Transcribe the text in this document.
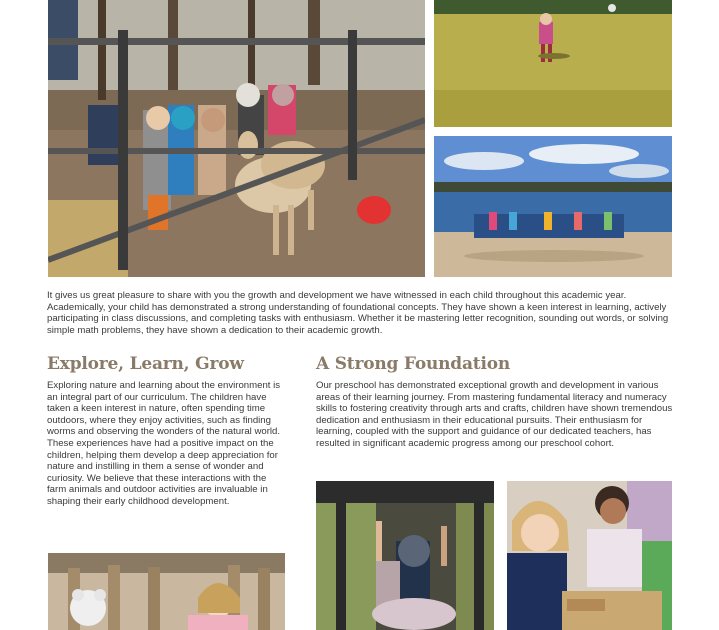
It gives us great pleasure to share with you the growth and development we have witnessed in each child throughout this academic year. Academically, your child has demonstrated a strong understanding of foundational concepts. They have shown a keen interest in learning, actively participating in class discussions, and completing tasks with enthusiasm. Whether it be mastering letter recognition, sounding out words, or solving simple math problems, they have shown a dedication to their academic growth.

Explore, Learn, Grow

Exploring nature and learning about the environment is an integral part of our curriculum. The children have taken a keen interest in nature, often spending time outdoors, where they enjoy activities, such as finding worms and observing the wonders of the natural world. These experiences have had a positive impact on the children, helping them develop a deep appreciation for nature and instilling in them a sense of wonder and curiosity. We believe that these interactions with the farm animals and outdoor activities are invaluable in shaping their early childhood development.

A Strong Foundation

Our preschool has demonstrated exceptional growth and development in various areas of their learning journey. From mastering fundamental literacy and numeracy skills to fostering creativity through arts and crafts, children have shown tremendous dedication and enthusiasm in their educational pursuits. Their enthusiasm for learning, coupled with the support and guidance of our dedicated teachers, has resulted in significant academic progress among our preschool cohort.
